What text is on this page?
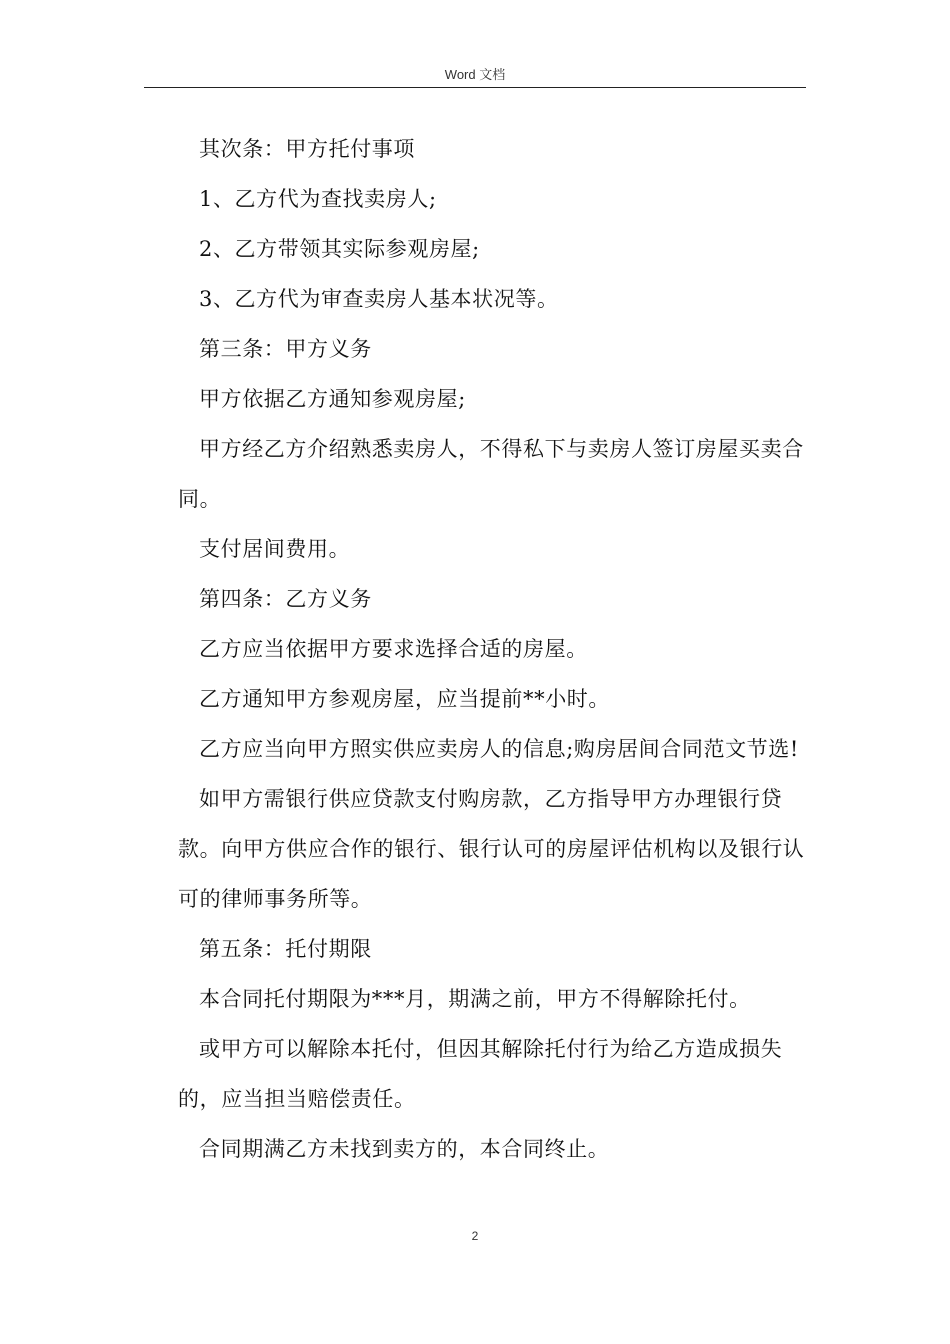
Word 文档

其次条：甲方托付事项

1、乙方代为查找卖房人;

2、乙方带领其实际参观房屋;

3、乙方代为审查卖房人基本状况等。

第三条：甲方义务

甲方依据乙方通知参观房屋;

甲方经乙方介绍熟悉卖房人，不得私下与卖房人签订房屋买卖合同。

支付居间费用。

第四条：乙方义务

乙方应当依据甲方要求选择合适的房屋。

乙方通知甲方参观房屋，应当提前**小时。

乙方应当向甲方照实供应卖房人的信息;购房居间合同范文节选!

如甲方需银行供应贷款支付购房款，乙方指导甲方办理银行贷款。向甲方供应合作的银行、银行认可的房屋评估机构以及银行认可的律师事务所等。

第五条：托付期限

本合同托付期限为***月，期满之前，甲方不得解除托付。

或甲方可以解除本托付，但因其解除托付行为给乙方造成损失的，应当担当赔偿责任。

合同期满乙方未找到卖方的，本合同终止。

2
